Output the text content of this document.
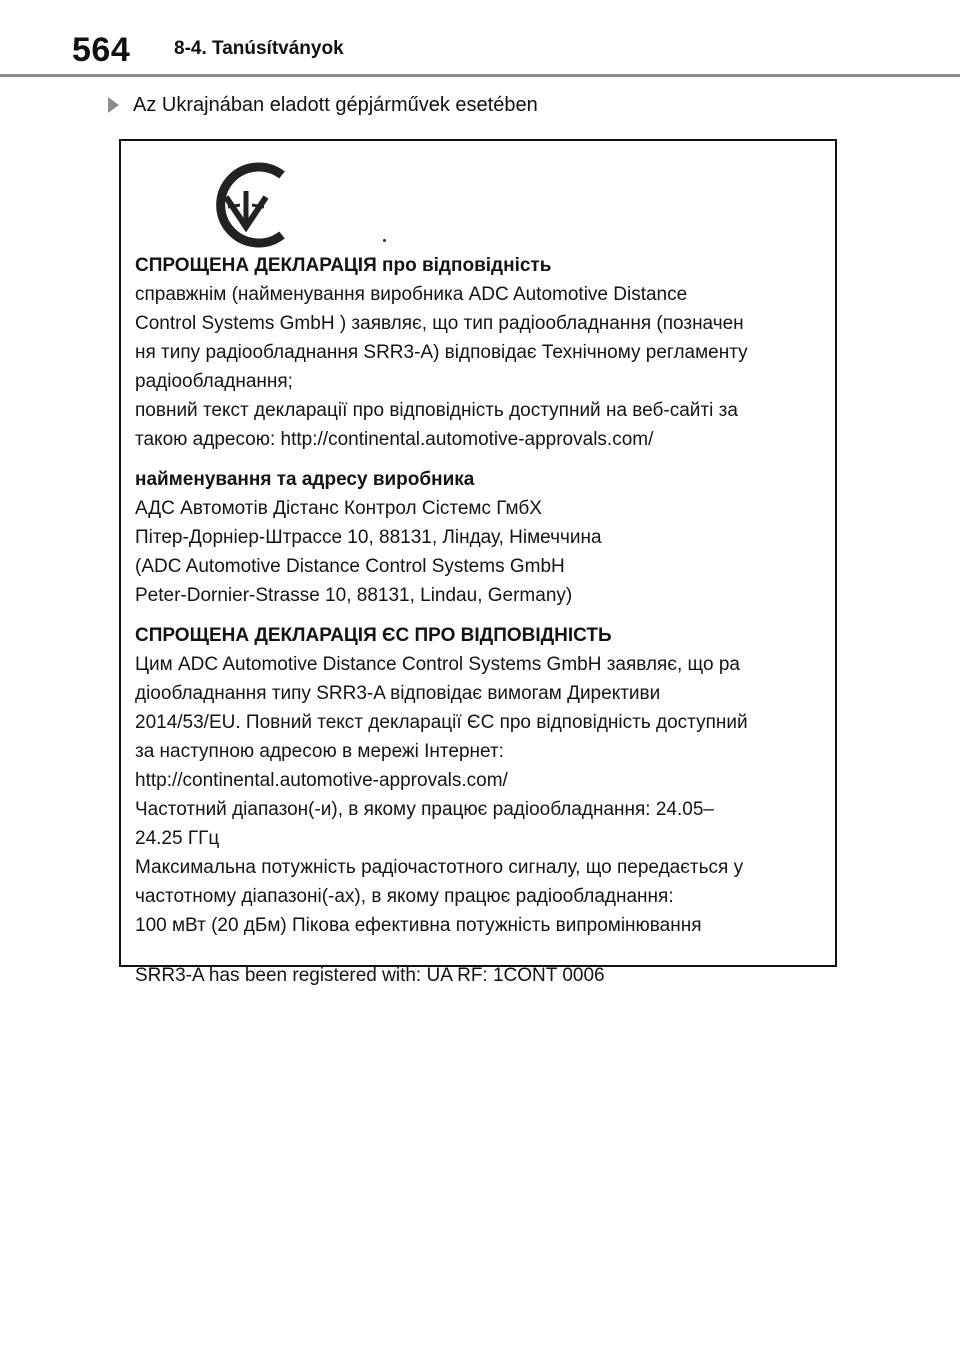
564 8-4. Tanúsítványok
Az Ukrajnában eladott gépjárművek esetében
СПРОЩЕНА ДЕКЛАРАЦІЯ про відповідність
справжнім (найменування виробника ADC Automotive Distance
Control Systems GmbH ) заявляє, що тип радіообладнання (позначен
ня типу радіообладнання SRR3-A) відповідає Технічному регламенту
радіообладнання;
повний текст декларації про відповідність доступний на веб-сайті за
такою адресою: http://continental.automotive-approvals.com/
найменування та адресу виробника
АДС Автомотів Дістанс Контрол Сістемс ГмбХ
Пітер-Дорніер-Штрассе 10, 88131, Ліндау, Німеччина
(ADC Automotive Distance Control Systems GmbH
Peter-Dornier-Strasse 10, 88131, Lindau, Germany)
СПРОЩЕНА ДЕКЛАРАЦІЯ ЄС ПРО ВІДПОВІДНІСТЬ
Цим ADC Automotive Distance Control Systems GmbH заявляє, що ра
діообладнання типу SRR3-A відповідає вимогам Директиви
2014/53/EU. Повний текст декларації ЄС про відповідність доступний
за наступною адресою в мережі Інтернет:
http://continental.automotive-approvals.com/
Частотний діапазон(-и), в якому працює радіообладнання: 24.05–
24.25 ГГц
Максимальна потужність радіочастотного сигналу, що передається у
частотному діапазоні(-ах), в якому працює радіообладнання:
100 мВт (20 дБм) Пікова ефективна потужність випромінювання
SRR3-A has been registered with: UA RF: 1CONT 0006
